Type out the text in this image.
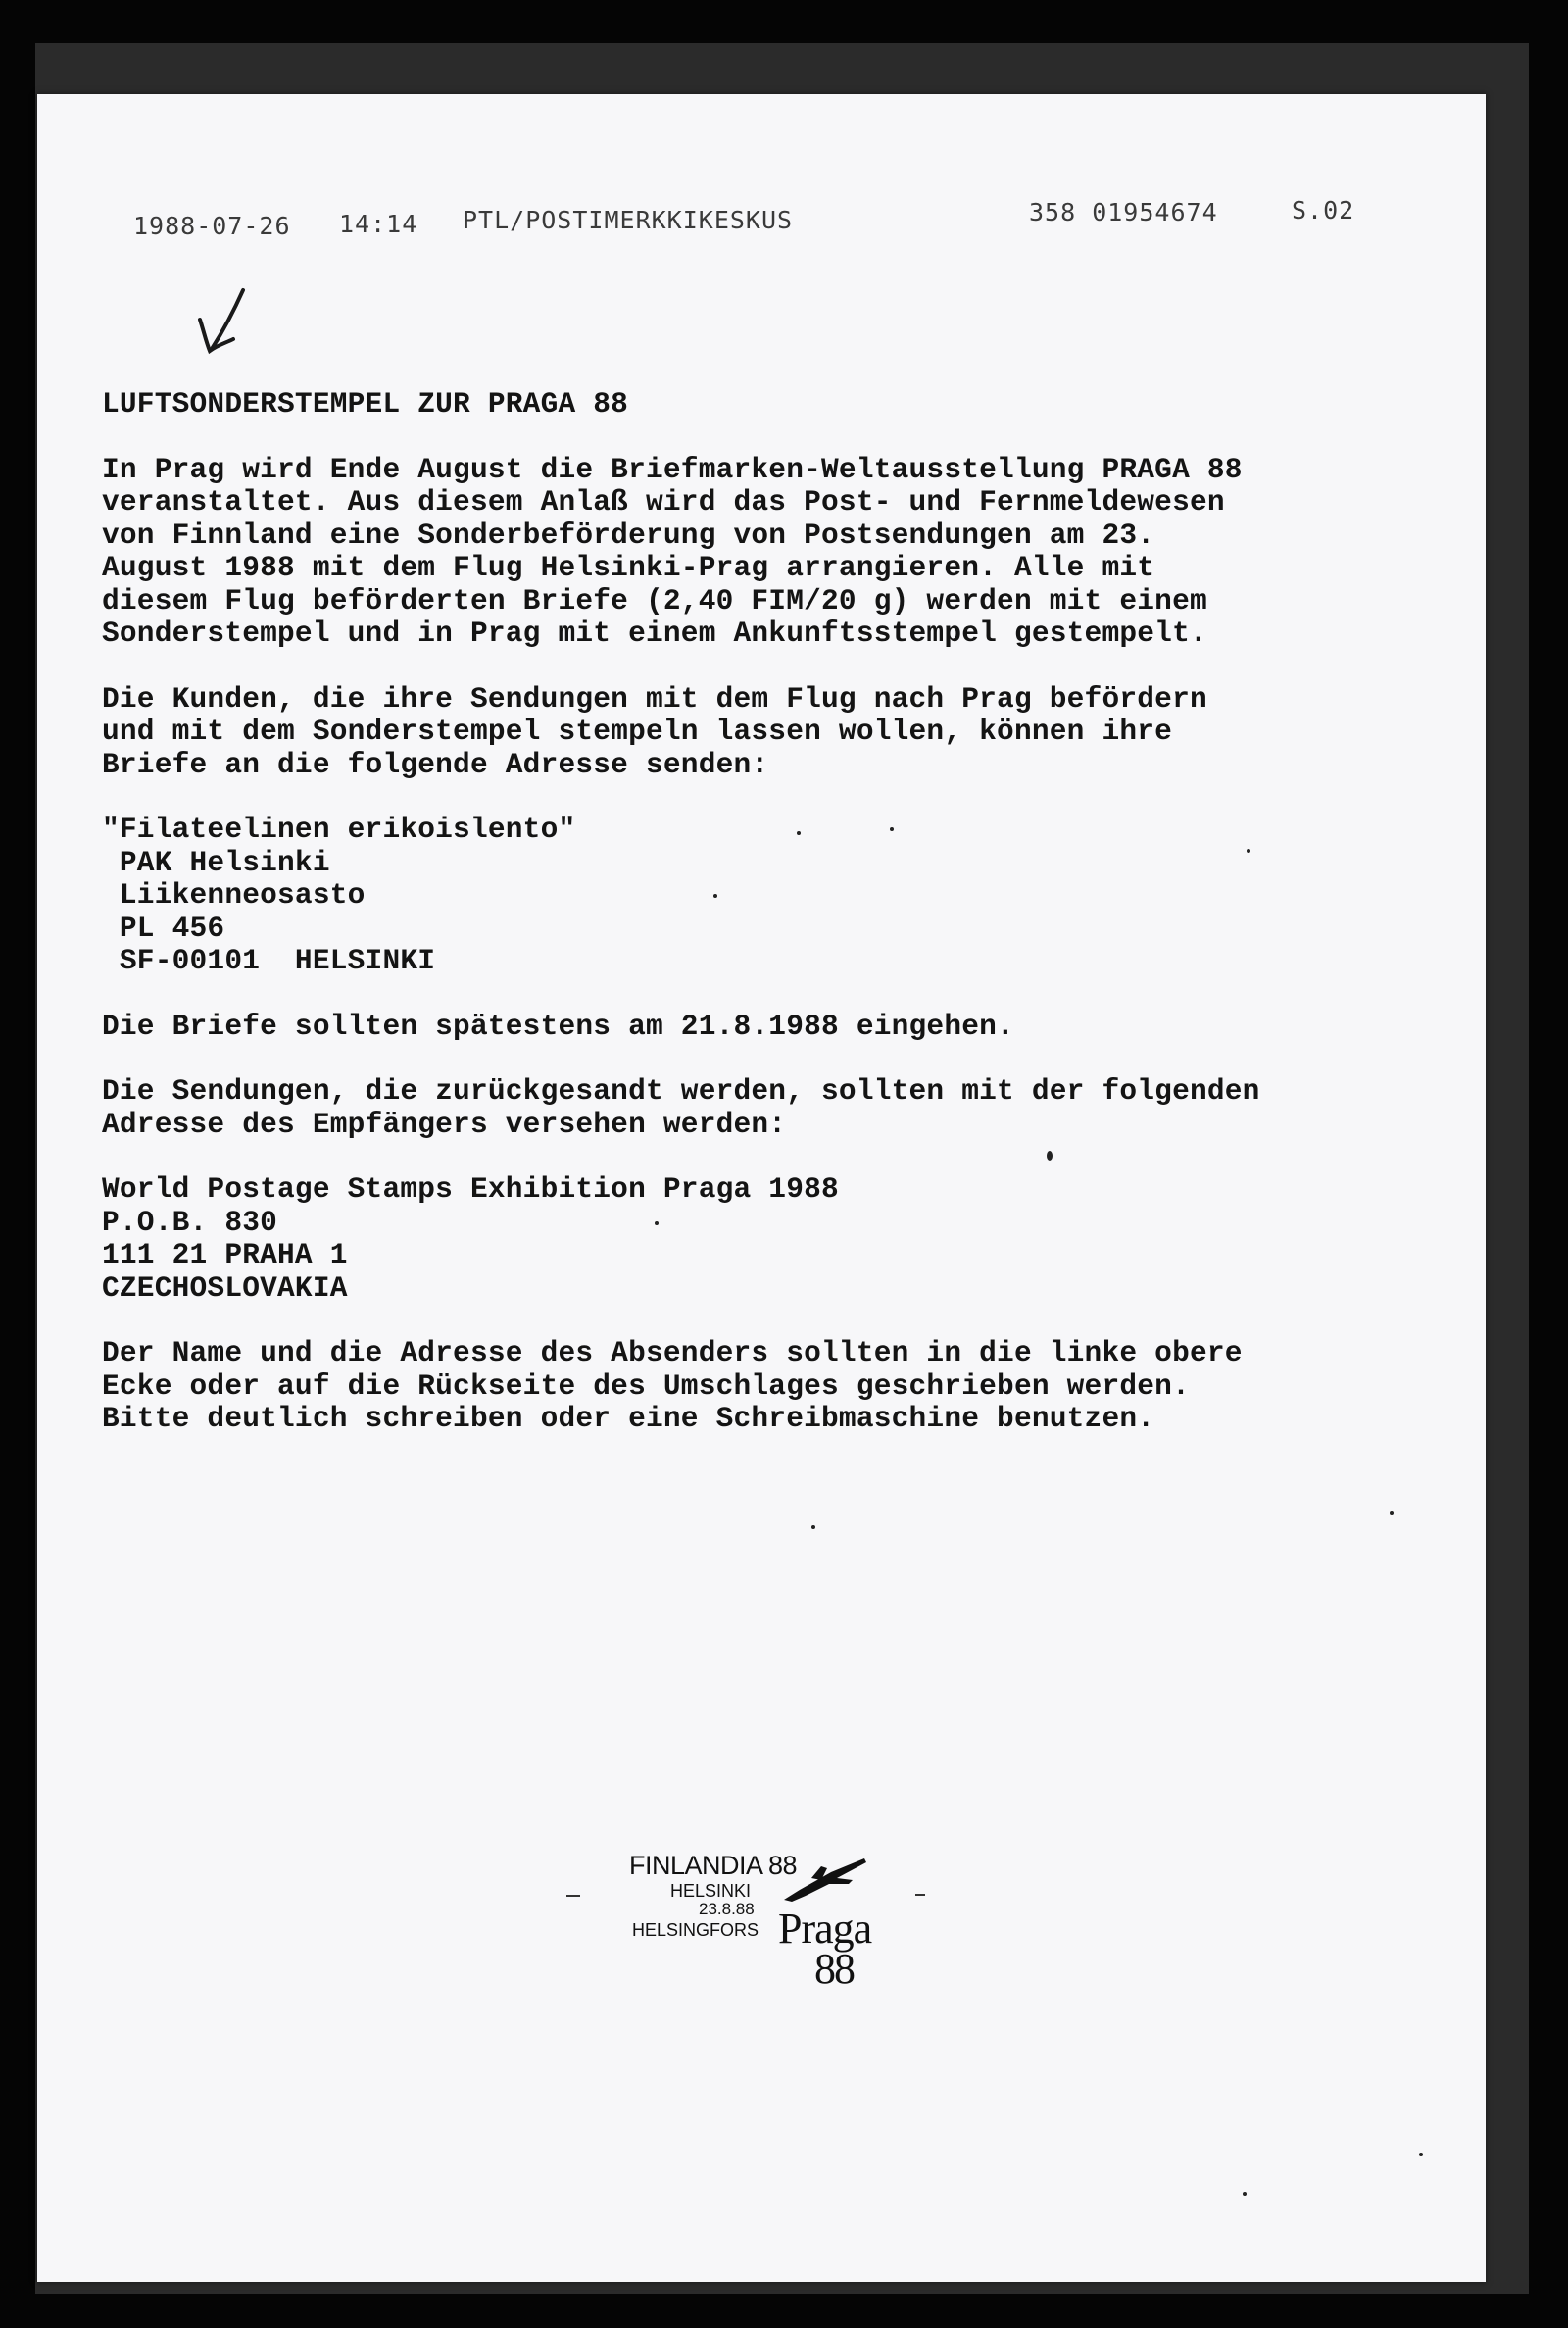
1988-07-26 14:14 PTL/POSTIMERKKIKESKUS	358 01954674	S.02

LUFTSONDERSTEMPEL ZUR PRAGA 88

In Prag wird Ende August die Briefmarken-Weltausstellung PRAGA 88

veranstaltet. Aus diesem Anlaß wird das Post- und Fernmeldewesen

von Finnland eine Sonderbeförderung von Postsendungen am 23.

August 1988 mit dem Flug Helsinki-Prag arrangieren. Alle mit

diesem Flug beförderten Briefe (2,40 FIM/20 g) werden mit einem

Sonderstempel und in Prag mit einem Ankunftsstempel gestempelt.

Die Kunden, die ihre Sendungen mit dem Flug nach Prag befördern

und mit dem Sonderstempel stempeln lassen wollen, können ihre

Briefe an die folgende Adresse senden:

"Filateelinen erikoislento"

PAK Helsinki

Liikenneosasto

PL 456

SF-00101  HELSINKI

Die Briefe sollten spätestens am 21.8.1988 eingehen.

Die Sendungen, die zurückgesandt werden, sollten mit der folgenden

Adresse des Empfängers versehen werden:

World Postage Stamps Exhibition Praga 1988

P.O.B. 830

111 21 PRAHA 1

CZECHOSLOVAKIA

Der Name und die Adresse des Absenders sollten in die linke obere

Ecke oder auf die Rückseite des Umschlages geschrieben werden.

Bitte deutlich schreiben oder eine Schreibmaschine benutzen.

FINLANDIA 88
HELSINKI
23.8.88
HELSINGFORS Praga
88
